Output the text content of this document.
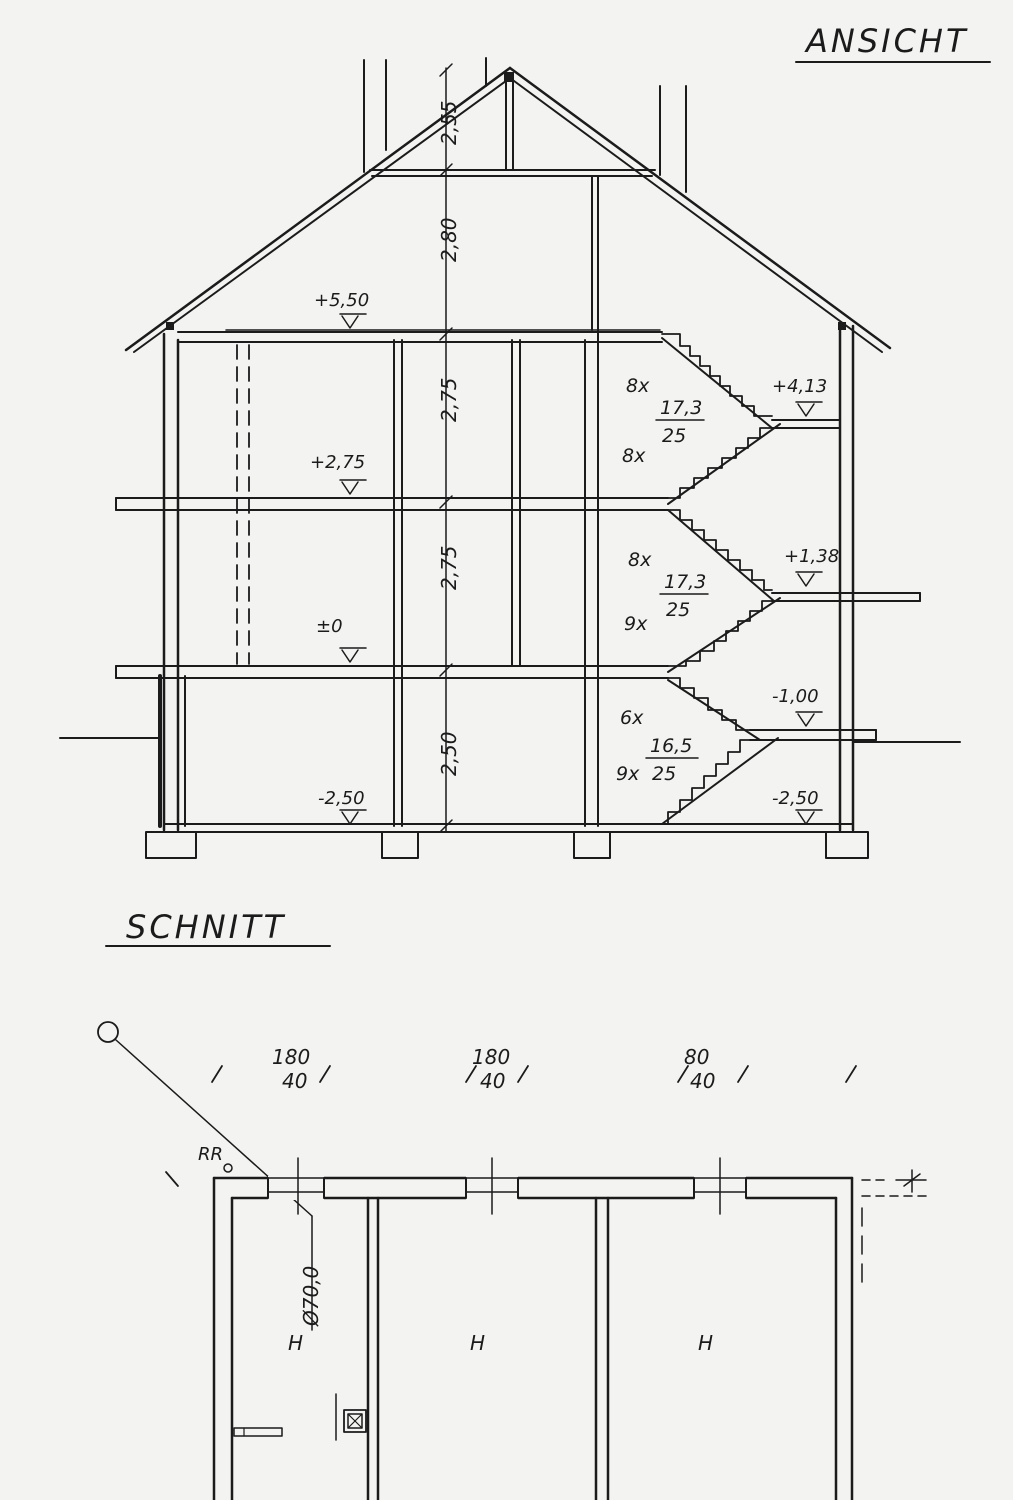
ANSICHT
SCHNITT
2,55
2,80
2,75
2,75
2,50
+5,50
+2,75
±0
-2,50
+4,13
+1,38
-1,00
-2,50
8x
17,3
25
8x
8x
17,3
25
9x
6x
16,5
25
9x
180
40
180
40
80
40
RR
Ø70,0
H	H	H
